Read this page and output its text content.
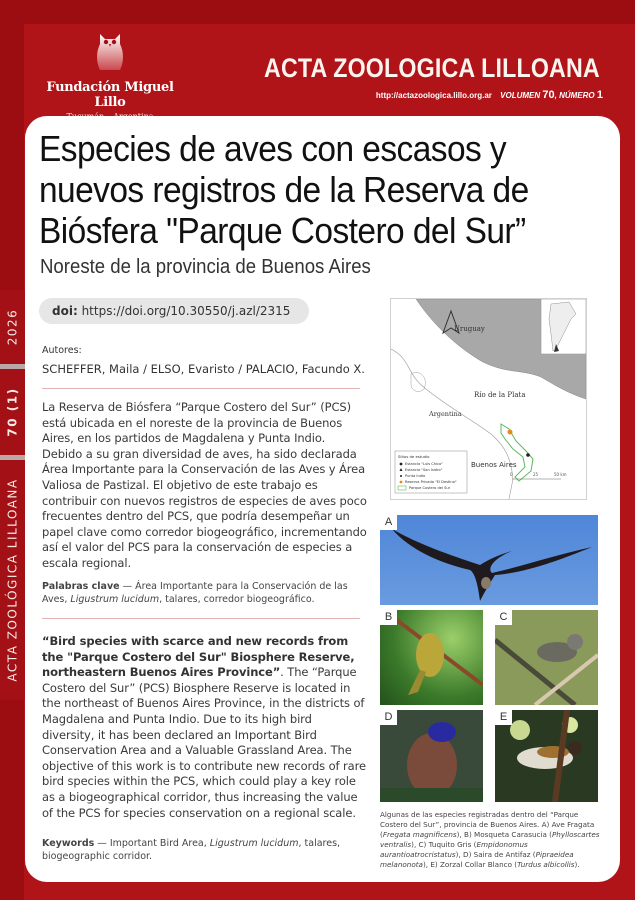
2026
70 (1)
ACTA ZOOLÓGICA LILLOANA
Fundación Miguel Lillo
ACTA ZOOLOGICA LILLOANA
http://actazoologica.lillo.org.ar VOLUMEN 70, NÚMERO 1
Especies de aves con escasos y nuevos registros de la Reserva de Biósfera "Parque Costero del Sur”
Noreste de la provincia de Buenos Aires
doi: https://doi.org/10.30550/j.azl/2315
Autores:
SCHEFFER, Maila / ELSO, Evaristo / PALACIO, Facundo X.
La Reserva de Biósfera “Parque Costero del Sur” (PCS) está ubicada en el noreste de la provincia de Buenos Aires, en los partidos de Magdalena y Punta Indio. Debido a su gran diversidad de aves, ha sido declarada Área Importante para la Conservación de las Aves y Área Valiosa de Pastizal. El objetivo de este trabajo es contribuir con nuevos registros de especies de aves poco frecuentes dentro del PCS, que podría desempeñar un papel clave como corredor biogeográfico, incrementando así el valor del PCS para la conservación de especies a escala regional.
Palabras clave — Área Importante para la Conservación de las Aves, Ligustrum lucidum, talares, corredor biogeográfico.
“Bird species with scarce and new records from the "Parque Costero del Sur" Biosphere Reserve, northeastern Buenos Aires Province”. The “Parque Costero del Sur” (PCS) Biosphere Reserve is located in the northeast of Buenos Aires Province, in the districts of Magdalena and Punta Indio. Due to its high bird diversity, it has been declared an Important Bird Conservation Area and a Valuable Grassland Area. The objective of this work is to contribute new records of rare bird species within the PCS, which could play a key role as a biogeographical corridor, thus increasing the value of the PCS for species conservation on a regional scale.
Keywords — Important Bird Area, Ligustrum lucidum, talares, biogeographic corridor.
Uruguay
Río de la Plata
Argentina
Buenos Aires
Sitios de estudio
Estancia "Luis Chico"
Estancia "San Isidro"
Punta Indio
Reserva Privada "El Destino"
Parque Costero del Sur
0	25	50 km
A
B	C
D	E
Algunas de las especies registradas dentro del “Parque Costero del Sur”, provincia de Buenos Aires. A) Ave Fragata (Fregata magnificens), B) Mosqueta Carasucia (Phylloscartes ventralis), C) Tuquito Gris (Empidonomus aurantioatrocristatus), D) Saira de Antifaz (Pipraeidea melanonota), E) Zorzal Collar Blanco (Turdus albicollis).
